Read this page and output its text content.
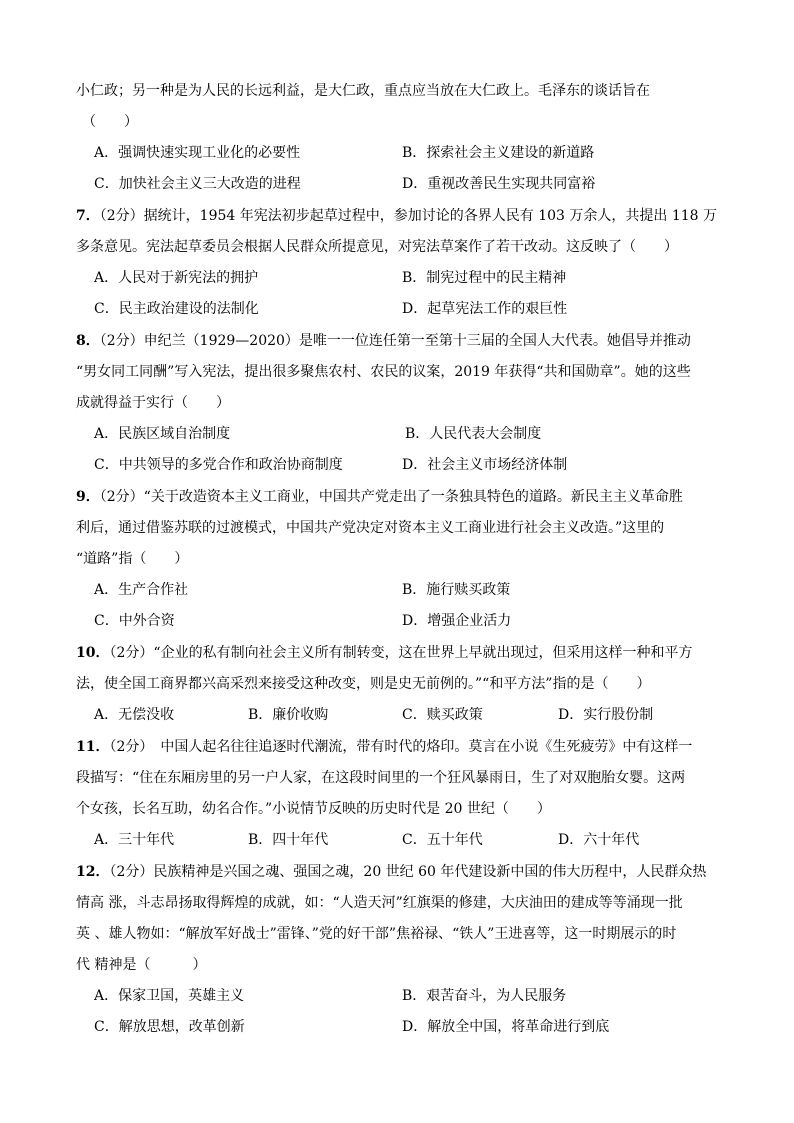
小仁政；另一种是为人民的长远利益，是大仁政，重点应当放在大仁政上。毛泽东的谈话旨在
（　　）
A．强调快速实现工业化的必要性	B．探索社会主义建设的新道路
C．加快社会主义三大改造的进程	D．重视改善民生实现共同富裕
7．（2分）据统计，1954 年宪法初步起草过程中，参加讨论的各界人民有 103 万余人，共提出 118 万
多条意见。宪法起草委员会根据人民群众所提意见，对宪法草案作了若干改动。这反映了（　　）
A．人民对于新宪法的拥护	B．制宪过程中的民主精神
C．民主政治建设的法制化	D．起草宪法工作的艰巨性
8．（2分）申纪兰（1929—2020）是唯一一位连任第一至第十三届的全国人大代表。她倡导并推动
“男女同工同酬”写入宪法，提出很多聚焦农村、农民的议案，2019 年获得“共和国勋章”。她的这些
成就得益于实行（　　）
A．民族区域自治制度	B．人民代表大会制度
C．中共领导的多党合作和政治协商制度	D．社会主义市场经济体制
9．（2分）“关于改造资本主义工商业，中国共产党走出了一条独具特色的道路。新民主主义革命胜
利后，通过借鉴苏联的过渡模式，中国共产党决定对资本主义工商业进行社会主义改造。”这里的
“道路”指（　　）
A．生产合作社	B．施行赎买政策
C．中外合资	D．增强企业活力
10．（2分）“企业的私有制向社会主义所有制转变，这在世界上早就出现过，但采用这样一种和平方
法，使全国工商界都兴高采烈来接受这种改变，则是史无前例的。”“和平方法”指的是（　　）
A．无偿没收	B．廉价收购	C．赎买政策	D．实行股份制
11．（2分）　中国人起名往往追逐时代潮流，带有时代的烙印。莫言在小说《生死疲劳》中有这样一
段描写：“住在东厢房里的另一户人家，在这段时间里的一个狂风暴雨日，生了对双胞胎女婴。这两
个女孩，长名互助，幼名合作。”小说情节反映的历史时代是 20 世纪（　　）
A．三十年代	B．四十年代	C．五十年代	D．六十年代
12．（2分）民族精神是兴国之魂、强国之魂，20 世纪 60 年代建设新中国的伟大历程中，人民群众热
情高 涨，斗志昂扬取得辉煌的成就，如：“人造天河”红旗渠的修建，大庆油田的建成等等涌现一批
英 、雄人物如：“解放军好战士”雷锋、”党的好干部”焦裕禄、“铁人”王进喜等，这一时期展示的时
代 精神是（　　　）
A．保家卫国，英雄主义	B．艰苦奋斗，为人民服务
C．解放思想，改革创新	D．解放全中国，将革命进行到底
